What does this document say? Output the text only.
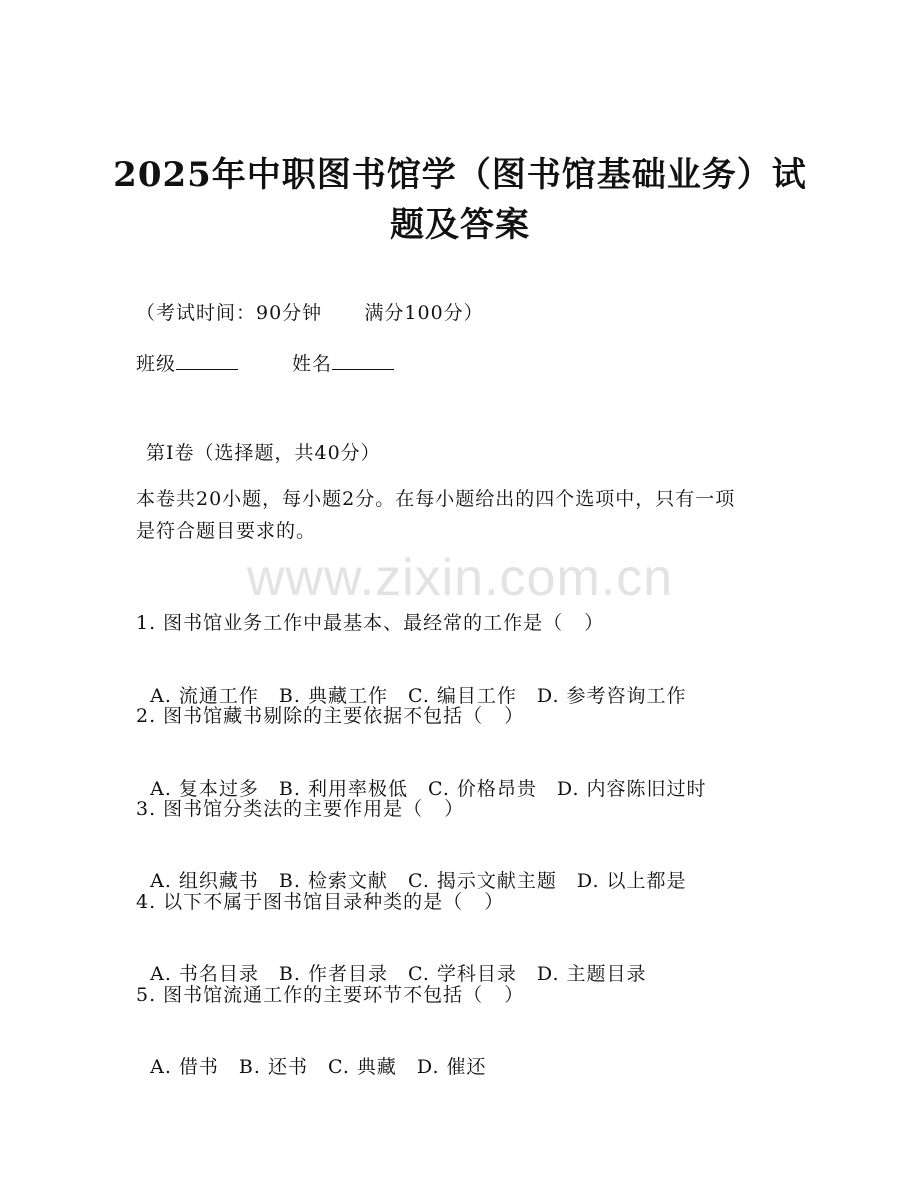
2025年中职图书馆学（图书馆基础业务）试
题及答案
（考试时间：90分钟      满分100分）
班级	姓名
第Ⅰ卷（选择题，共40分）
本卷共20小题，每小题2分。在每小题给出的四个选项中，只有一项
是符合题目要求的。
www.zixin.com.cn
1. 图书馆业务工作中最基本、最经常的工作是（   ）

A. 流通工作 B. 典藏工作 C. 编目工作 D. 参考咨询工作

2. 图书馆藏书剔除的主要依据不包括（   ）

A. 复本过多 B. 利用率极低 C. 价格昂贵 D. 内容陈旧过时

3. 图书馆分类法的主要作用是（   ）

A. 组织藏书 B. 检索文献 C. 揭示文献主题 D. 以上都是

4. 以下不属于图书馆目录种类的是（   ）

A. 书名目录 B. 作者目录 C. 学科目录 D. 主题目录

5. 图书馆流通工作的主要环节不包括（   ）

A. 借书 B. 还书 C. 典藏 D. 催还
